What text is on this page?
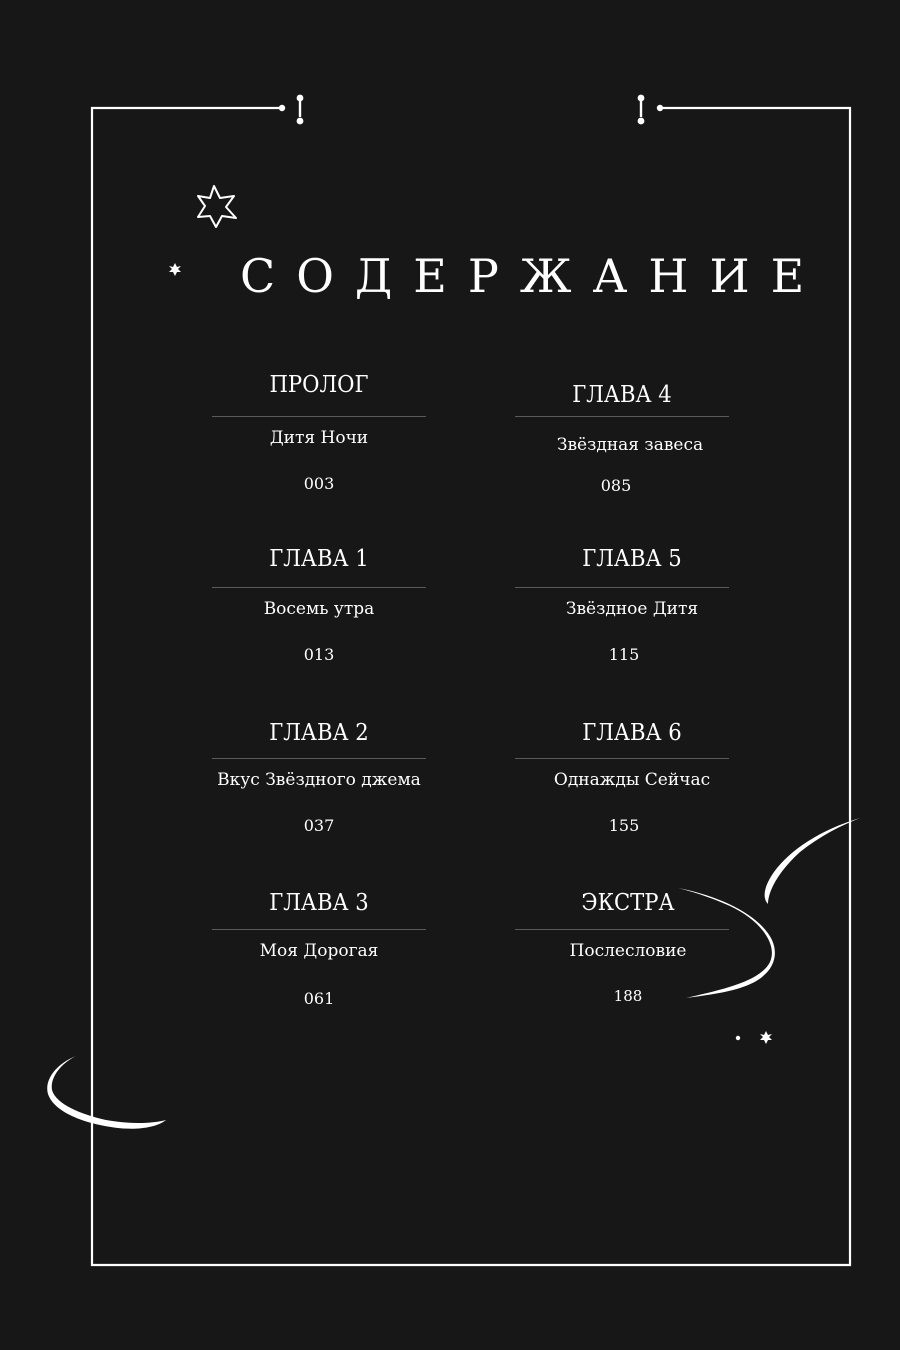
СОДЕРЖАНИЕ
ПРОЛОГ
Дитя Ночи
003
ГЛАВА 1
Восемь утра
013
ГЛАВА 2
Вкус Звёздного джема
037
ГЛАВА 3
Моя Дорогая
061
ГЛАВА 4
Звёздная завеса
085
ГЛАВА 5
Звёздное Дитя
115
ГЛАВА 6
Однажды Сейчас
155
ЭКСТРА
Послесловие
188
